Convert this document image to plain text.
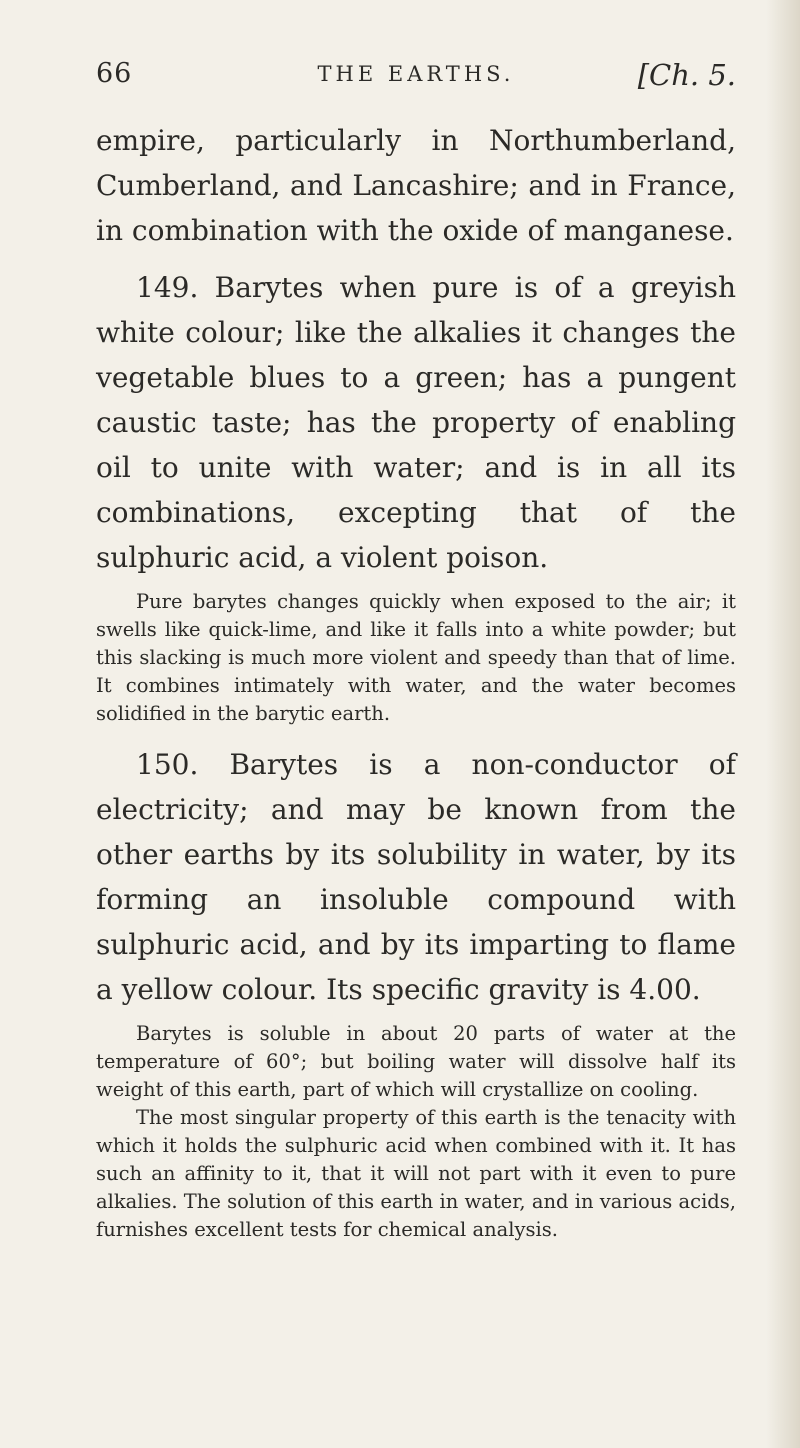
66	THE EARTHS.	[Ch. 5.

empire, particularly in Northumberland, Cumberland, and Lancashire; and in France, in combination with the oxide of manganese.

149. Barytes when pure is of a greyish white colour; like the alkalies it changes the vegetable blues to a green; has a pungent caustic taste; has the property of enabling oil to unite with water; and is in all its combinations, excepting that of the sulphuric acid, a violent poison.

Pure barytes changes quickly when exposed to the air; it swells like quick-lime, and like it falls into a white powder; but this slacking is much more violent and speedy than that of lime. It combines intimately with water, and the water becomes solidified in the barytic earth.

150. Barytes is a non-conductor of electricity; and may be known from the other earths by its solubility in water, by its forming an insoluble compound with sulphuric acid, and by its imparting to flame a yellow colour. Its specific gravity is 4.00.

Barytes is soluble in about 20 parts of water at the temperature of 60°; but boiling water will dissolve half its weight of this earth, part of which will crystallize on cooling.

The most singular property of this earth is the tenacity with which it holds the sulphuric acid when combined with it. It has such an affinity to it, that it will not part with it even to pure alkalies. The solution of this earth in water, and in various acids, furnishes excellent tests for chemical analysis.
